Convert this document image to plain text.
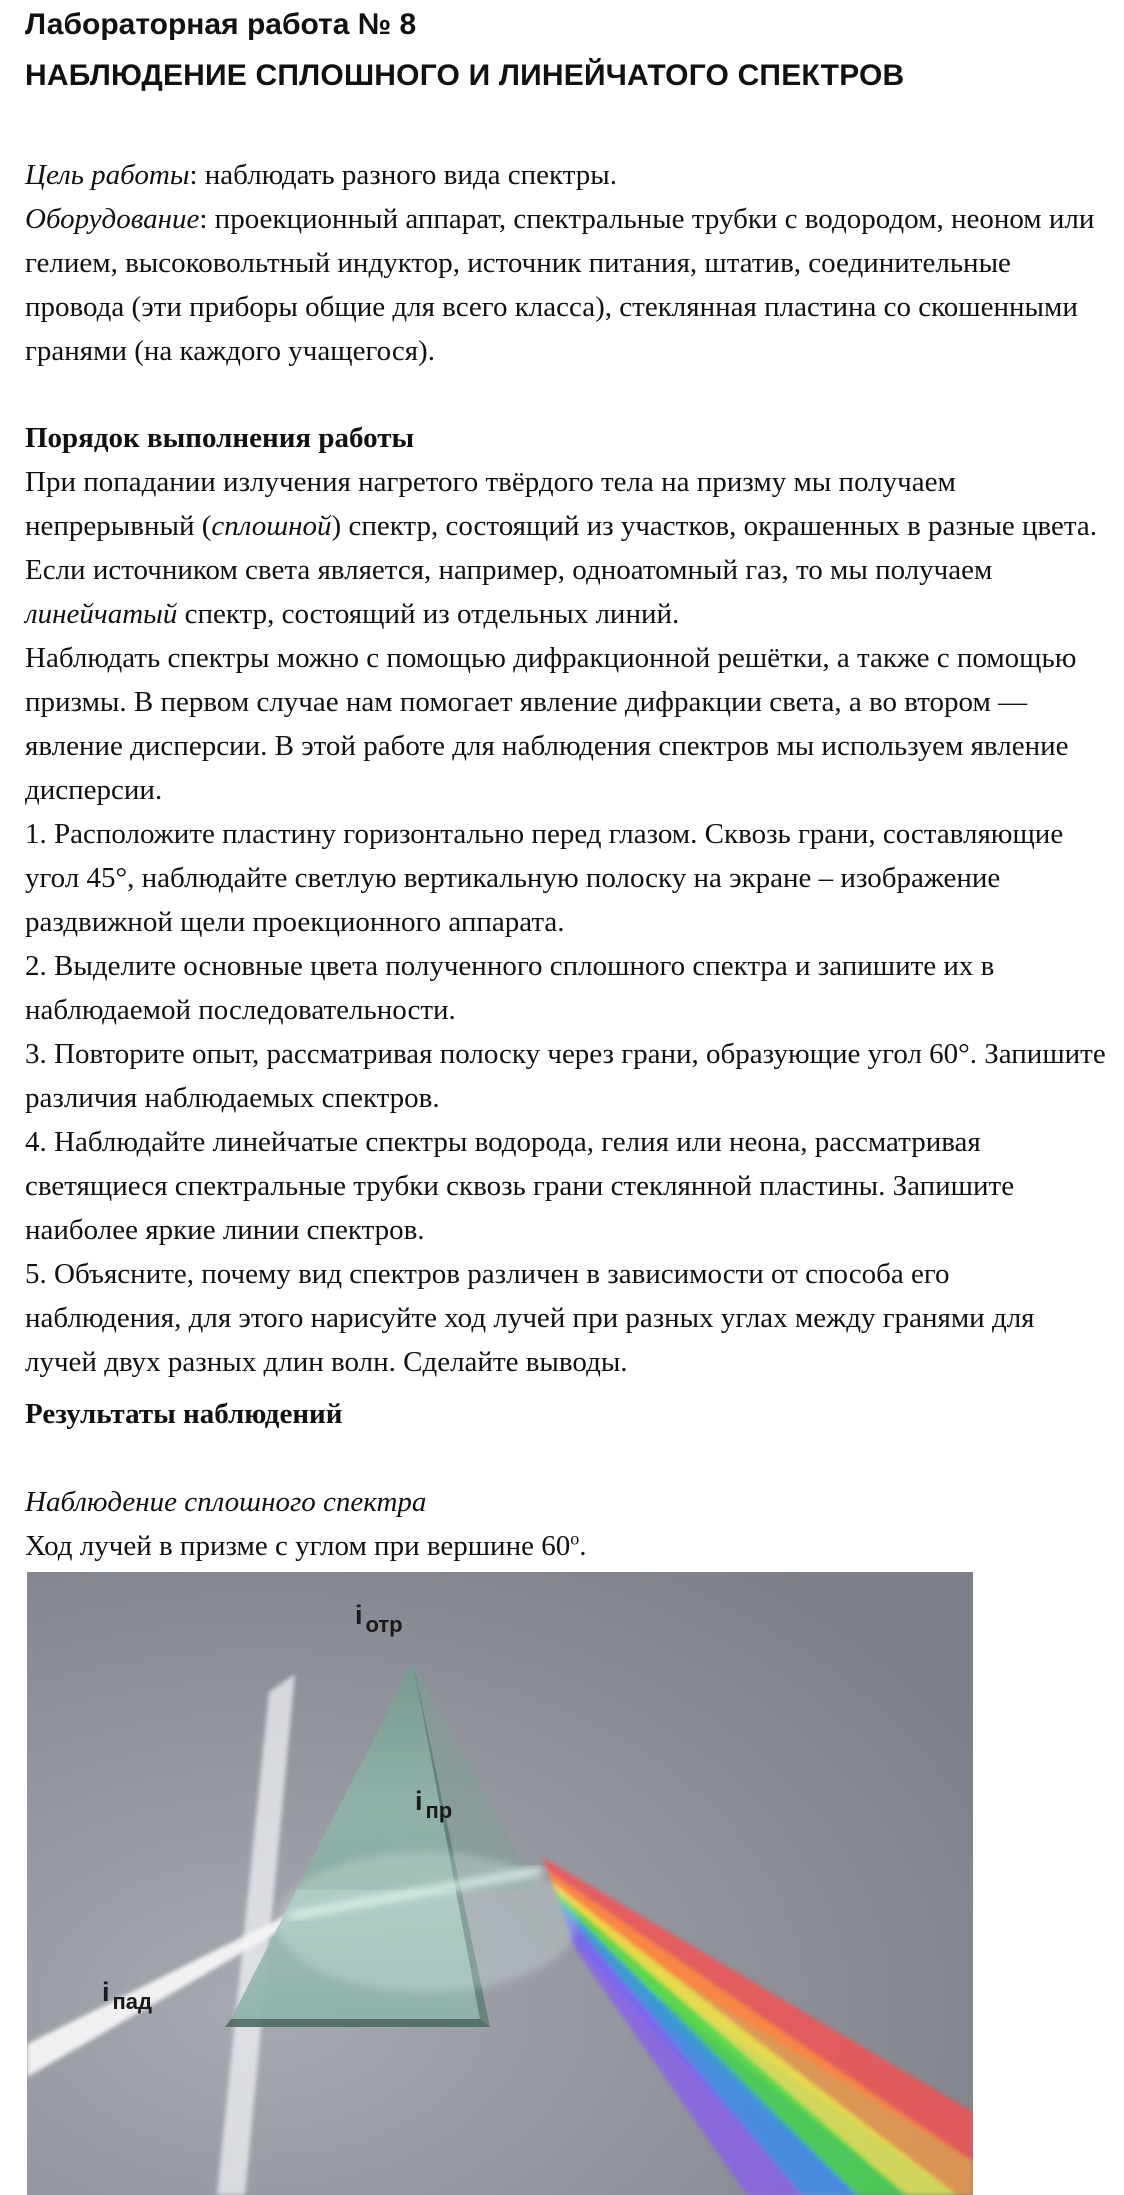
Лабораторная работа № 8
НАБЛЮДЕНИЕ СПЛОШНОГО И ЛИНЕЙЧАТОГО СПЕКТРОВ

Цель работы: наблюдать разного вида спектры.

Оборудование: проекционный аппарат, спектральные трубки с водородом, неоном или гелием, высоковольтный индуктор, источник питания, штатив, соединительные провода (эти приборы общие для всего класса), стеклянная пластина со скошенными гранями (на каждого учащегося).

Порядок выполнения работы

При попадании излучения нагретого твёрдого тела на призму мы получаем непрерывный (сплошной) спектр, состоящий из участков, окрашенных в разные цвета. Если источником света является, например, одноатомный газ, то мы получаем линейчатый спектр, состоящий из отдельных линий.

Наблюдать спектры можно с помощью дифракционной решётки, а также с помощью призмы. В первом случае нам помогает явление дифракции света, а во втором — явление дисперсии. В этой работе для наблюдения спектров мы используем явление дисперсии.

1. Расположите пластину горизонтально перед глазом. Сквозь грани, составляющие угол 45°, наблюдайте светлую вертикальную полоску на экране – изображение раздвижной щели проекционного аппарата.

2. Выделите основные цвета полученного сплошного спектра и запишите их в наблюдаемой последовательности.

3. Повторите опыт, рассматривая полоску через грани, образующие угол 60°. Запишите различия наблюдаемых спектров.

4. Наблюдайте линейчатые спектры водорода, гелия или неона, рассматривая светящиеся спектральные трубки сквозь грани стеклянной пластины. Запишите наиболее яркие линии спектров.

5. Объясните, почему вид спектров различен в зависимости от способа его наблюдения, для этого нарисуйте ход лучей при разных углах между гранями для лучей двух разных длин волн. Сделайте выводы.

Результаты наблюдений

Наблюдение сплошного спектра

Ход лучей в призме с углом при вершине $60^о$.

i $_{отр}$
i $_{пр}$
i $_{пад}$
